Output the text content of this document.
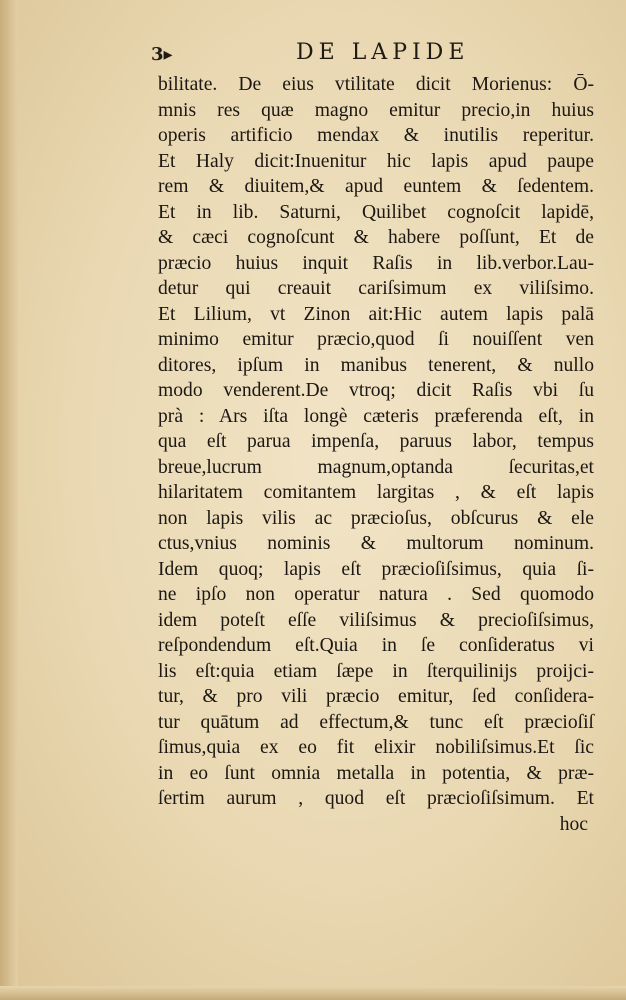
3▸	DE LAPIDE
bilitate. De eius vtilitate dicit Morienus: Ō-
mnis res quæ magno emitur precio,in huius
operis artificio mendax & inutilis reperitur.
Et Haly dicit:Inuenitur hic lapis apud paupe
rem & diuitem,& apud euntem & ſedentem.
Et in lib. Saturni, Quilibet cognoſcit lapidē,
& cæci cognoſcunt & habere poſſunt, Et de
præcio huius inquit Raſis in lib.verbor.Lau-
detur qui creauit cariſsimum ex viliſsimo.
Et Lilium, vt Zinon ait:Hic autem lapis palā
minimo emitur præcio,quod ſi nouiſſent ven
ditores, ipſum in manibus tenerent, & nullo
modo venderent.De vtroq; dicit Raſis vbi ſu
prà : Ars iſta longè cæteris præferenda eſt, in
qua eſt parua impenſa, paruus labor, tempus
breue,lucrum magnum,optanda ſecuritas,et
hilaritatem comitantem largitas , & eſt lapis
non lapis vilis ac præcioſus, obſcurus & ele
ctus,vnius nominis & multorum nominum.
Idem quoq; lapis eſt præcioſiſsimus, quia ſi-
ne ipſo non operatur natura . Sed quomodo
idem poteſt eſſe viliſsimus & precioſiſsimus,
reſpondendum eſt.Quia in ſe conſideratus vi
lis eſt:quia etiam ſæpe in ſterquilinijs proijci-
tur, & pro vili præcio emitur, ſed conſidera-
tur quātum ad effectum,& tunc eſt præcioſiſ
ſimus,quia ex eo fit elixir nobiliſsimus.Et ſic
in eo ſunt omnia metalla in potentia, & præ-
ſertim aurum , quod eſt præcioſiſsimum. Et
hoc
